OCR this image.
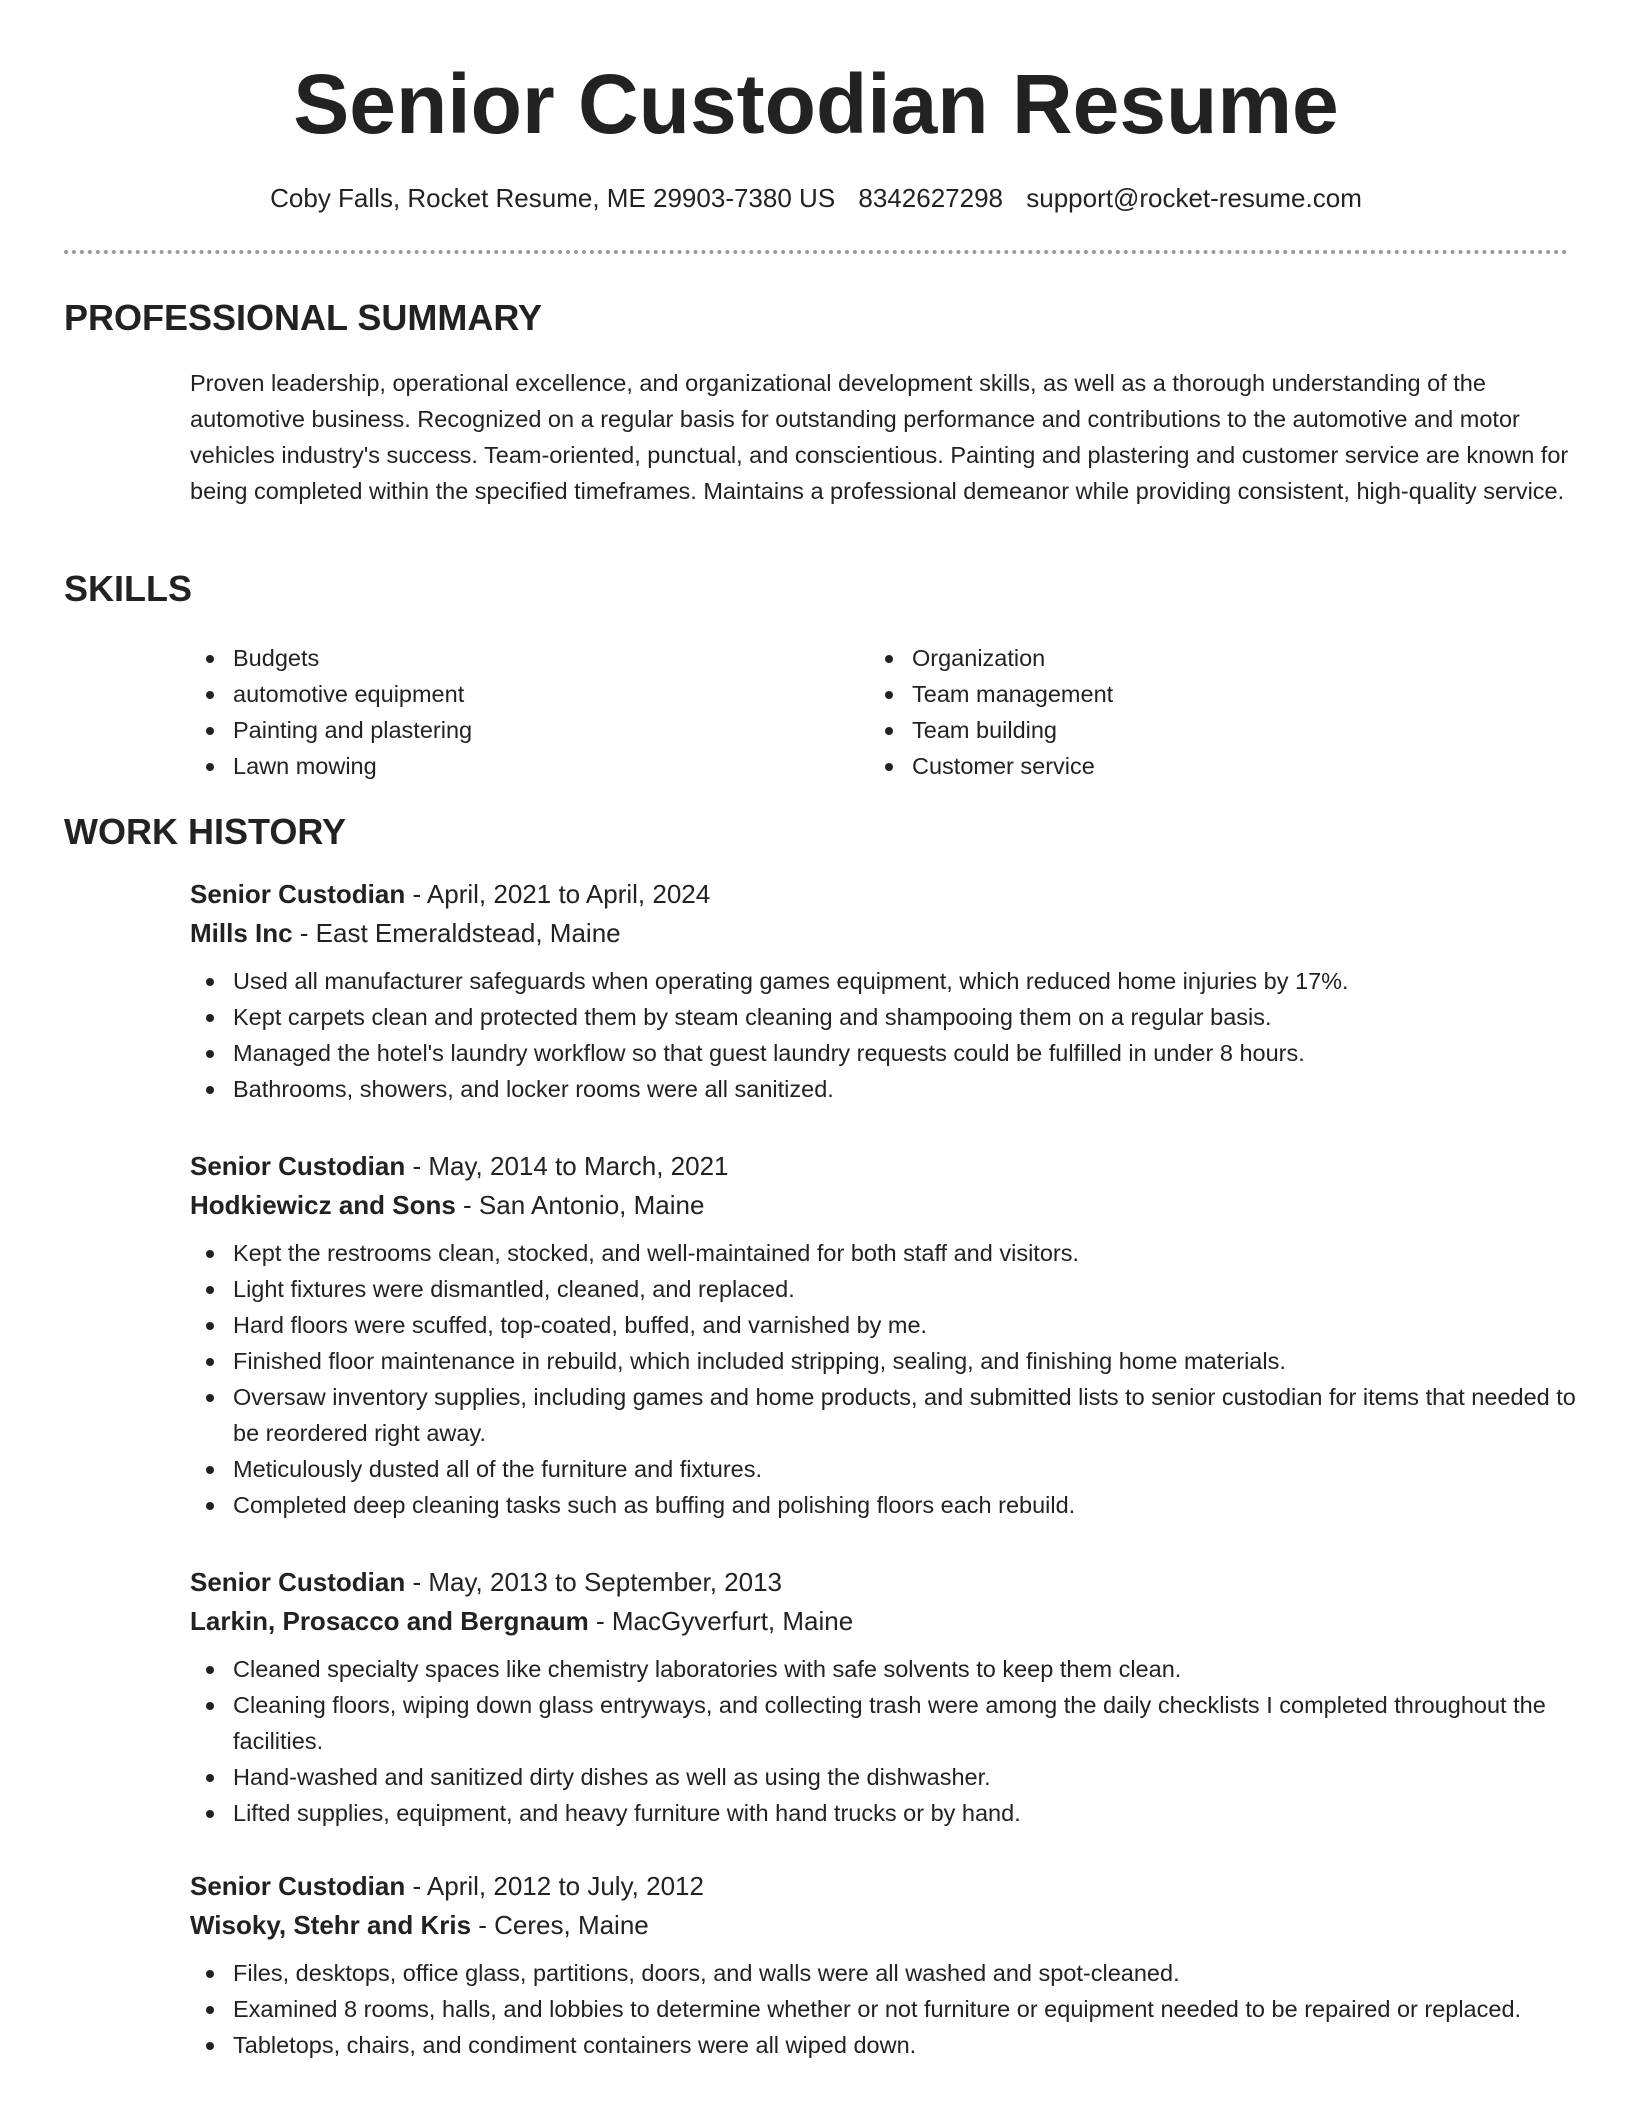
Senior Custodian Resume
Coby Falls, Rocket Resume, ME 29903-7380 US 8342627298 support@rocket-resume.com
PROFESSIONAL SUMMARY

Proven leadership, operational excellence, and organizational development skills, as well as a thorough understanding of the automotive business. Recognized on a regular basis for outstanding performance and contributions to the automotive and motor vehicles industry's success. Team-oriented, punctual, and conscientious. Painting and plastering and customer service are known for being completed within the specified timeframes. Maintains a professional demeanor while providing consistent, high-quality service.

SKILLS
Budgets
automotive equipment
Painting and plastering
Lawn mowing
Organization
Team management
Team building
Customer service
WORK HISTORY
Senior Custodian - April, 2021 to April, 2024
Mills Inc - East Emeraldstead, Maine
Used all manufacturer safeguards when operating games equipment, which reduced home injuries by 17%.
Kept carpets clean and protected them by steam cleaning and shampooing them on a regular basis.
Managed the hotel's laundry workflow so that guest laundry requests could be fulfilled in under 8 hours.
Bathrooms, showers, and locker rooms were all sanitized.
Senior Custodian - May, 2014 to March, 2021
Hodkiewicz and Sons - San Antonio, Maine
Kept the restrooms clean, stocked, and well-maintained for both staff and visitors.
Light fixtures were dismantled, cleaned, and replaced.
Hard floors were scuffed, top-coated, buffed, and varnished by me.
Finished floor maintenance in rebuild, which included stripping, sealing, and finishing home materials.
Oversaw inventory supplies, including games and home products, and submitted lists to senior custodian for items that needed to be reordered right away.
Meticulously dusted all of the furniture and fixtures.
Completed deep cleaning tasks such as buffing and polishing floors each rebuild.
Senior Custodian - May, 2013 to September, 2013
Larkin, Prosacco and Bergnaum - MacGyverfurt, Maine
Cleaned specialty spaces like chemistry laboratories with safe solvents to keep them clean.
Cleaning floors, wiping down glass entryways, and collecting trash were among the daily checklists I completed throughout the facilities.
Hand-washed and sanitized dirty dishes as well as using the dishwasher.
Lifted supplies, equipment, and heavy furniture with hand trucks or by hand.
Senior Custodian - April, 2012 to July, 2012
Wisoky, Stehr and Kris - Ceres, Maine
Files, desktops, office glass, partitions, doors, and walls were all washed and spot-cleaned.
Examined 8 rooms, halls, and lobbies to determine whether or not furniture or equipment needed to be repaired or replaced.
Tabletops, chairs, and condiment containers were all wiped down.
